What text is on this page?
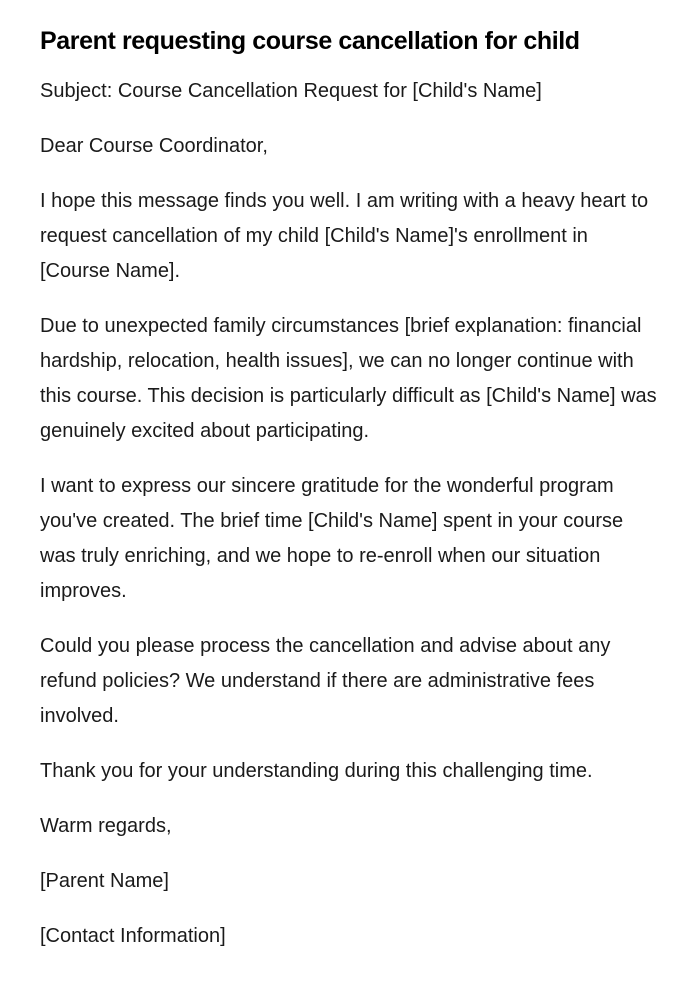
Parent requesting course cancellation for child

Subject: Course Cancellation Request for [Child's Name]

Dear Course Coordinator,

I hope this message finds you well. I am writing with a heavy heart to request cancellation of my child [Child's Name]'s enrollment in [Course Name].

Due to unexpected family circumstances [brief explanation: financial hardship, relocation, health issues], we can no longer continue with this course. This decision is particularly difficult as [Child's Name] was genuinely excited about participating.

I want to express our sincere gratitude for the wonderful program you've created. The brief time [Child's Name] spent in your course was truly enriching, and we hope to re-enroll when our situation improves.

Could you please process the cancellation and advise about any refund policies? We understand if there are administrative fees involved.

Thank you for your understanding during this challenging time.

Warm regards,

[Parent Name]

[Contact Information]
